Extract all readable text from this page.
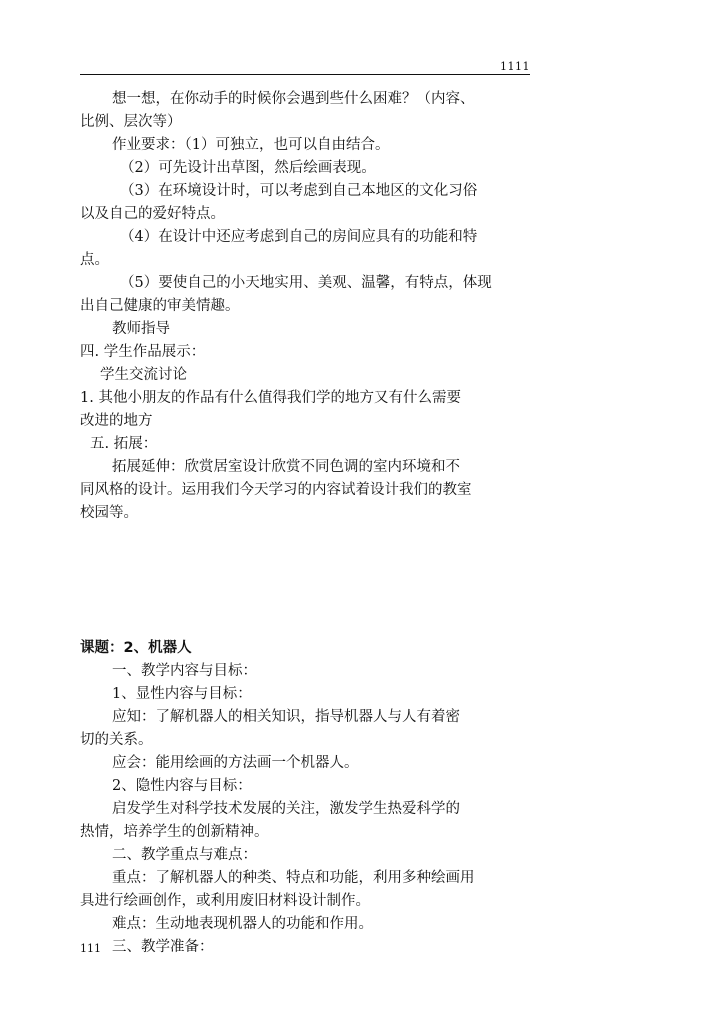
1111
想一想，在你动手的时候你会遇到些什么困难？（内容、
比例、层次等）
作业要求：（1）可独立，也可以自由结合。
（2）可先设计出草图，然后绘画表现。
（3）在环境设计时，可以考虑到自己本地区的文化习俗
以及自己的爱好特点。
（4）在设计中还应考虑到自己的房间应具有的功能和特
点。
（5）要使自己的小天地实用、美观、温馨，有特点，体现
出自己健康的审美情趣。
教师指导
四. 学生作品展示：
学生交流讨论
1. 其他小朋友的作品有什么值得我们学的地方又有什么需要
改进的地方
五. 拓展：
拓展延伸：欣赏居室设计欣赏不同色调的室内环境和不
同风格的设计。运用我们今天学习的内容试着设计我们的教室
校园等。
课题：2、机器人
一、教学内容与目标：
1、显性内容与目标：
应知：了解机器人的相关知识，指导机器人与人有着密
切的关系。
应会：能用绘画的方法画一个机器人。
2、隐性内容与目标：
启发学生对科学技术发展的关注，激发学生热爱科学的
热情，培养学生的创新精神。
二、教学重点与难点：
重点：了解机器人的种类、特点和功能，利用多种绘画用
具进行绘画创作，或利用废旧材料设计制作。
难点：生动地表现机器人的功能和作用。
三、教学准备：
111
